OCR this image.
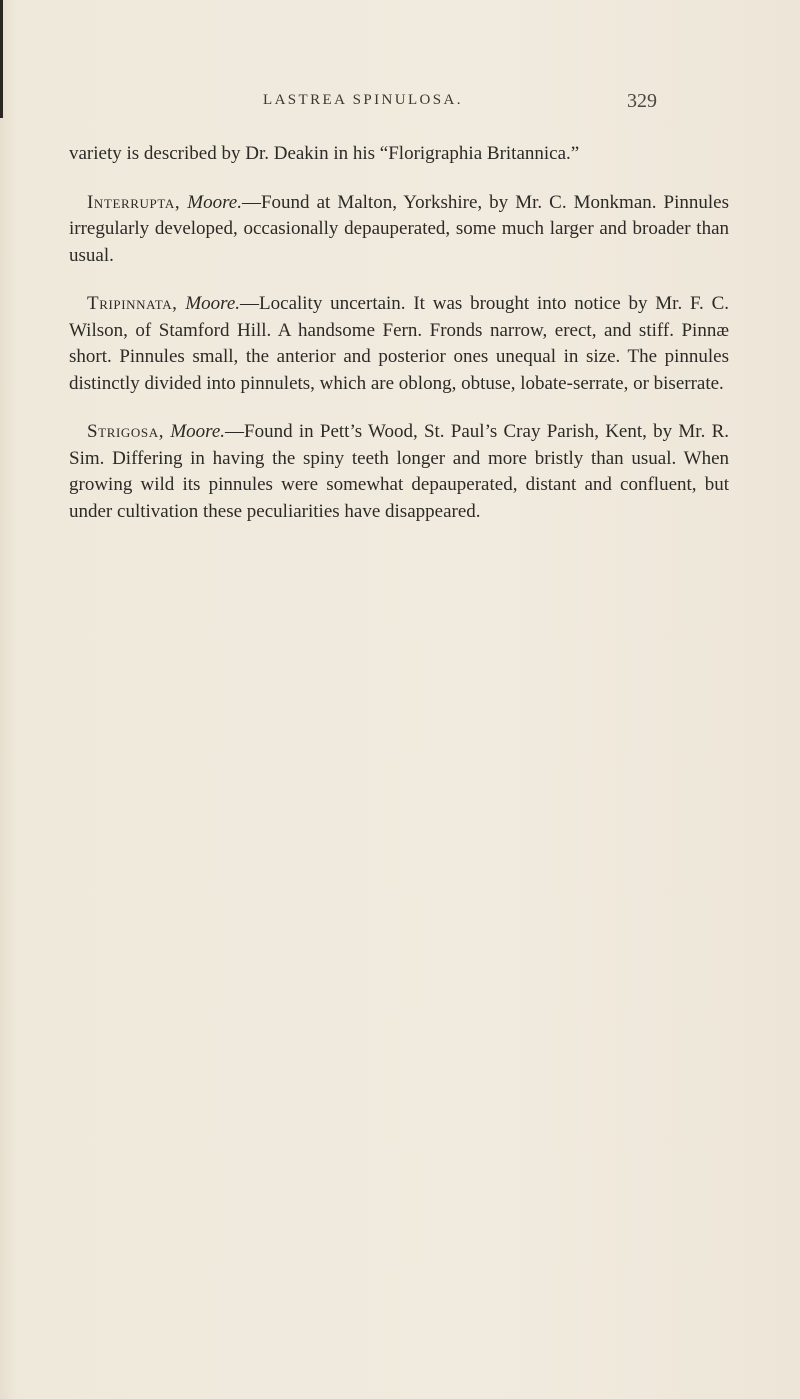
LASTREA SPINULOSA.	329

variety is described by Dr. Deakin in his “Florigraphia Britannica.”

Interrupta, Moore.—Found at Malton, Yorkshire, by Mr. C. Monkman. Pinnules irregularly developed, occasionally depauperated, some much larger and broader than usual.

Tripinnata, Moore.—Locality uncertain. It was brought into notice by Mr. F. C. Wilson, of Stamford Hill. A handsome Fern. Fronds narrow, erect, and stiff. Pinnæ short. Pinnules small, the anterior and posterior ones unequal in size. The pinnules distinctly divided into pinnulets, which are oblong, obtuse, lobate-serrate, or biserrate.

Strigosa, Moore.—Found in Pett’s Wood, St. Paul’s Cray Parish, Kent, by Mr. R. Sim. Differing in having the spiny teeth longer and more bristly than usual. When growing wild its pinnules were somewhat depauperated, distant and confluent, but under cultivation these peculiarities have disappeared.
